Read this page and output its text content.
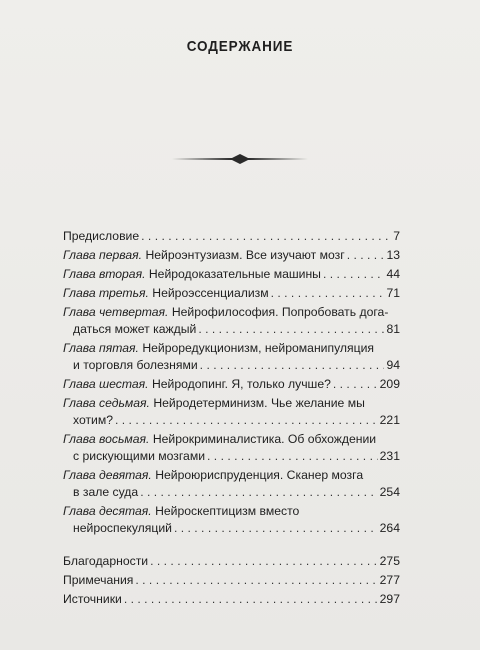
СОДЕРЖАНИЕ
Предисловие . . .	7
Глава первая. Нейроэнтузиазм. Все изучают мозг . . .	13
Глава вторая. Нейродоказательные машины . . .	44
Глава третья. Нейроэссенциализм . . .	71
Глава четвертая. Нейрофилософия. Попробовать дога-
даться может каждый . . .	81
Глава пятая. Нейроредукционизм, нейроманипуляция
и торговля болезнями . . .	94
Глава шестая. Нейродопинг. Я, только лучше? . . .	209
Глава седьмая. Нейродетерминизм. Чье желание мы
хотим? . . .	221
Глава восьмая. Нейрокриминалистика. Об обхождении
с рискующими мозгами . . .	231
Глава девятая. Нейроюриспруденция. Сканер мозга
в зале суда . . .	254
Глава десятая. Нейроскептицизм вместо
нейроспекуляций . . .	264
Благодарности . . .	275
Примечания . . .	277
Источники . . .	297
